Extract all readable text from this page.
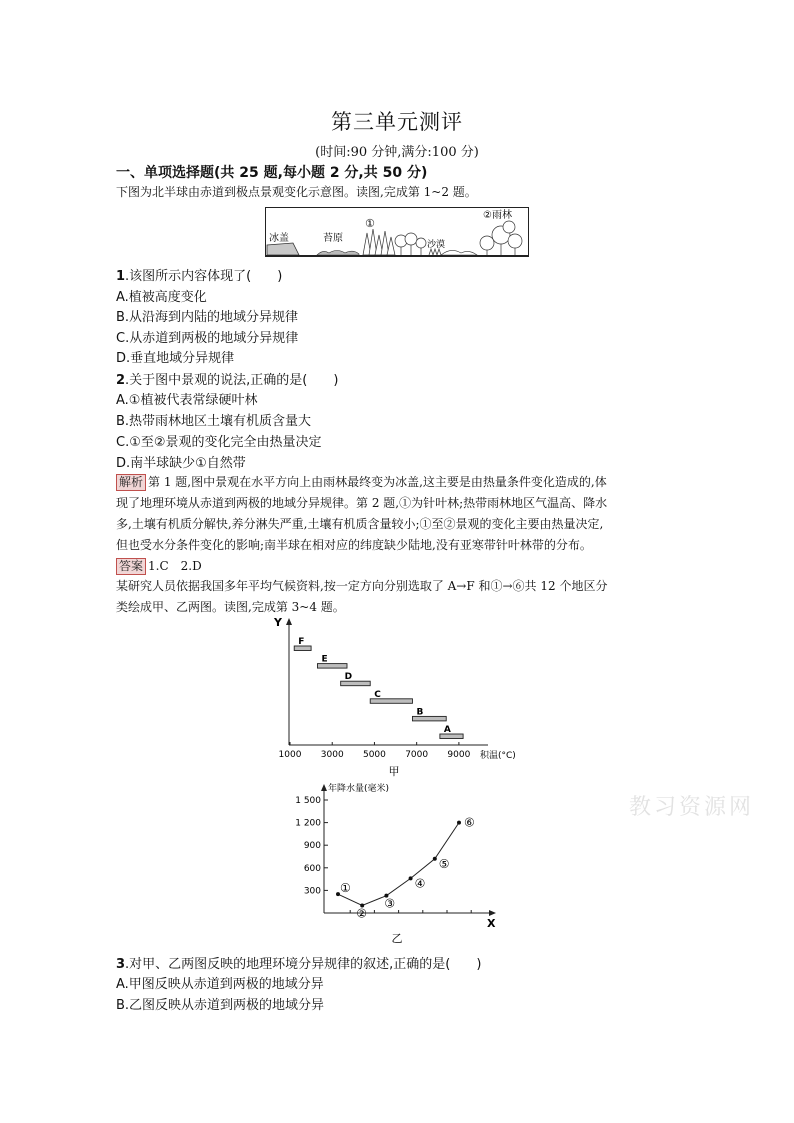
第三单元测评
(时间:90 分钟,满分:100 分)
一、单项选择题(共 25 题,每小题 2 分,共 50 分)
下图为北半球由赤道到极点景观变化示意图。读图,完成第 1~2 题。
冰盖	苔原
①
沙漠
②雨林
1.该图所示内容体现了(　　)
A.植被高度变化
B.从沿海到内陆的地域分异规律
C.从赤道到两极的地域分异规律
D.垂直地域分异规律
2.关于图中景观的说法,正确的是(　　)
A.①植被代表常绿硬叶林
B.热带雨林地区土壤有机质含量大
C.①至②景观的变化完全由热量决定
D.南半球缺少①自然带
解析 第 1 题,图中景观在水平方向上由雨林最终变为冰盖,这主要是由热量条件变化造成的,体
现了地理环境从赤道到两极的地域分异规律。第 2 题,①为针叶林;热带雨林地区气温高、降水
多,土壤有机质分解快,养分淋失严重,土壤有机质含量较小;①至②景观的变化主要由热量决定,
但也受水分条件变化的影响;南半球在相对应的纬度缺少陆地,没有亚寒带针叶林带的分布。
答案 1.C　2.D
某研究人员依据我国多年平均气候资料,按一定方向分别选取了 A→F 和①→⑥共 12 个地区分
类绘成甲、乙两图。读图,完成第 3~4 题。
Y
积温(°C)
甲
1000 3000 5000 7000 9000
F
E
D
C
B
A
年降水量(毫米)
X
乙
300
600
900
1 200
1 500
①
②
③
④
⑤
⑥
3.对甲、乙两图反映的地理环境分异规律的叙述,正确的是(　　)
A.甲图反映从赤道到两极的地域分异
B.乙图反映从赤道到两极的地域分异
教习资源网
